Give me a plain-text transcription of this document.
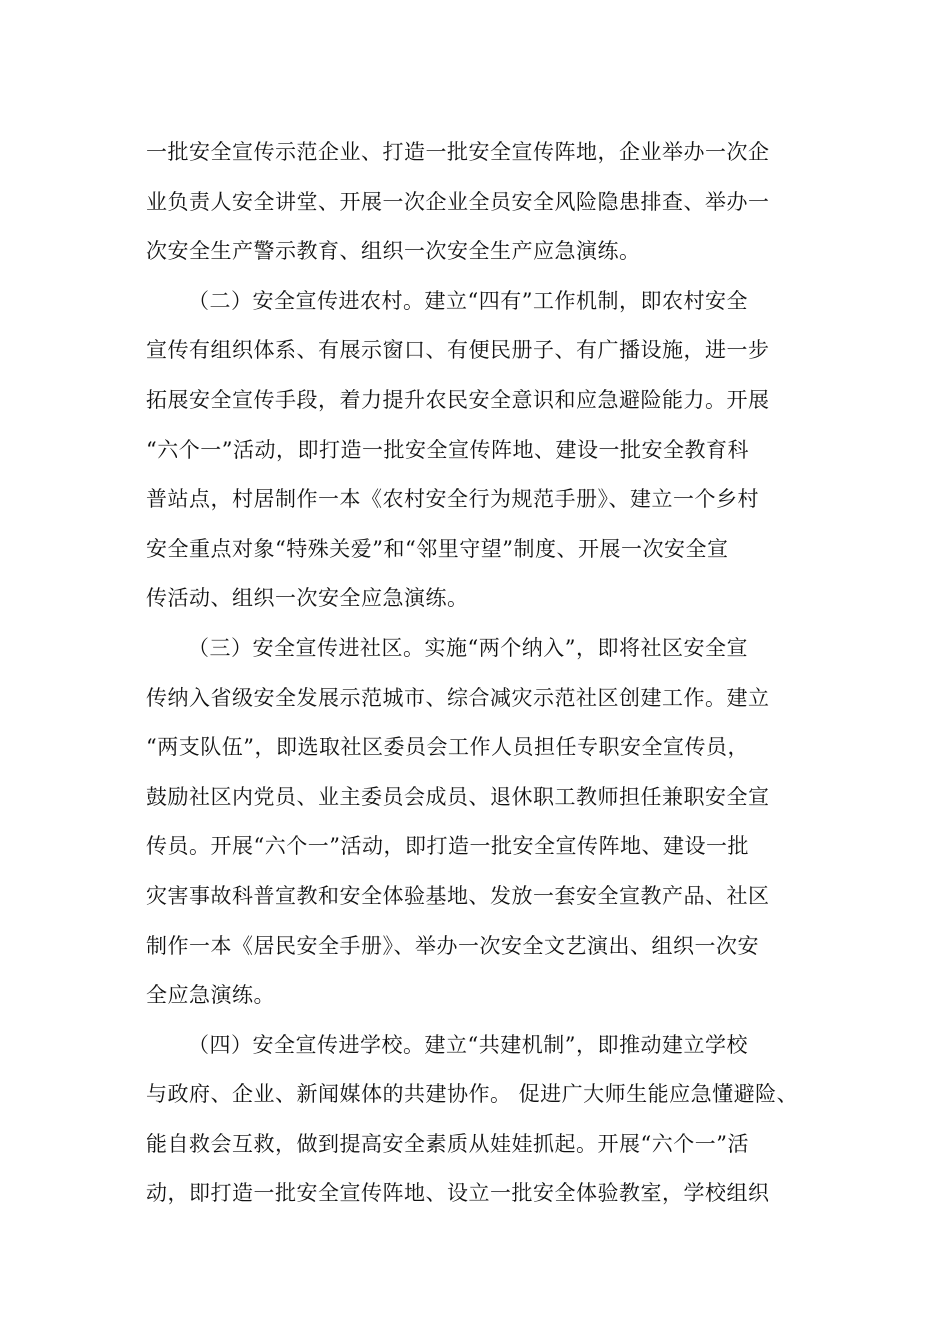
一批安全宣传示范企业、打造一批安全宣传阵地，企业举办一次企
业负责人安全讲堂、开展一次企业全员安全风险隐患排查、举办一
次安全生产警示教育、组织一次安全生产应急演练。
（二）安全宣传进农村。建立“四有”工作机制，即农村安全
宣传有组织体系、有展示窗口、有便民册子、有广播设施，进一步
拓展安全宣传手段，着力提升农民安全意识和应急避险能力。开展
“六个一”活动，即打造一批安全宣传阵地、建设一批安全教育科
普站点，村居制作一本《农村安全行为规范手册》、建立一个乡村
安全重点对象“特殊关爱”和“邻里守望”制度、开展一次安全宣
传活动、组织一次安全应急演练。
（三）安全宣传进社区。实施“两个纳入”，即将社区安全宣
传纳入省级安全发展示范城市、综合减灾示范社区创建工作。建立
“两支队伍”，即选取社区委员会工作人员担任专职安全宣传员，
鼓励社区内党员、业主委员会成员、退休职工教师担任兼职安全宣
传员。开展“六个一”活动，即打造一批安全宣传阵地、建设一批
灾害事故科普宣教和安全体验基地、发放一套安全宣教产品、社区
制作一本《居民安全手册》、举办一次安全文艺演出、组织一次安
全应急演练。
（四）安全宣传进学校。建立“共建机制”，即推动建立学校
与政府、企业、新闻媒体的共建协作。 促进广大师生能应急懂避险、
能自救会互救，做到提高安全素质从娃娃抓起。开展“六个一”活
动，即打造一批安全宣传阵地、设立一批安全体验教室，学校组织
